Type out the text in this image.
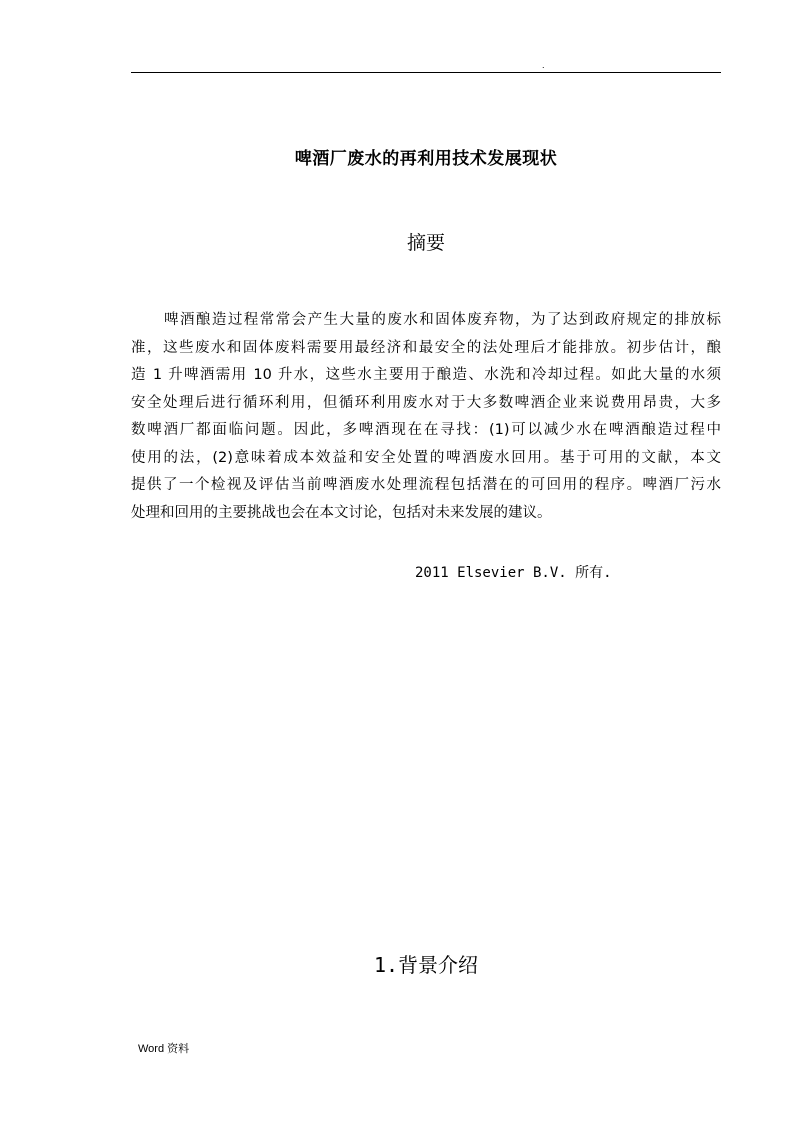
.
啤酒厂废水的再利用技术发展现状
摘要
啤酒酿造过程常常会产生大量的废水和固体废弃物，为了达到政府规定的排放标
准，这些废水和固体废料需要用最经济和最安全的法处理后才能排放。初步估计，酿
造 1 升啤酒需用 10 升水，这些水主要用于酿造、水洗和冷却过程。如此大量的水须
安全处理后进行循环利用，但循环利用废水对于大多数啤酒企业来说费用昂贵，大多
数啤酒厂都面临问题。因此，多啤酒现在在寻找：(1)可以减少水在啤酒酿造过程中
使用的法，(2)意味着成本效益和安全处置的啤酒废水回用。基于可用的文献，本文
提供了一个检视及评估当前啤酒废水处理流程包括潜在的可回用的程序。啤酒厂污水
处理和回用的主要挑战也会在本文讨论，包括对未来发展的建议。
2011 Elsevier B.V. 所有.
1.背景介绍
Word 资料
